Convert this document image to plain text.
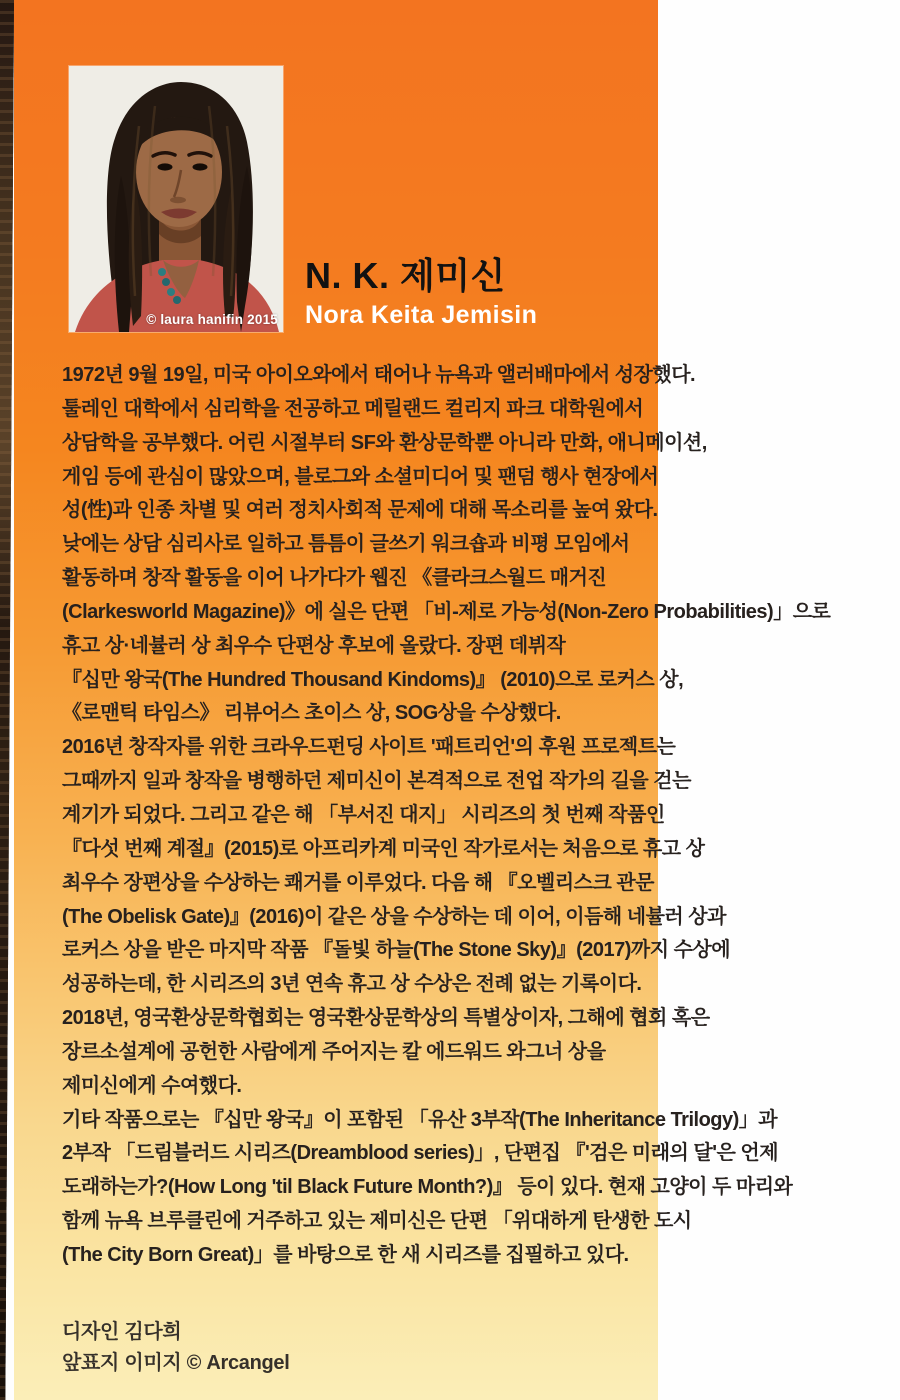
© laura hanifin 2015
N. K. 제미신
Nora Keita Jemisin
1972년 9월 19일, 미국 아이오와에서 태어나 뉴욕과 앨러배마에서 성장했다.
툴레인 대학에서 심리학을 전공하고 메릴랜드 컬리지 파크 대학원에서
상담학을 공부했다. 어린 시절부터 SF와 환상문학뿐 아니라 만화, 애니메이션,
게임 등에 관심이 많았으며, 블로그와 소셜미디어 및 팬덤 행사 현장에서
성(性)과 인종 차별 및 여러 정치사회적 문제에 대해 목소리를 높여 왔다.
낮에는 상담 심리사로 일하고 틈틈이 글쓰기 워크숍과 비평 모임에서
활동하며 창작 활동을 이어 나가다가 웹진 《클라크스월드 매거진
(Clarkesworld Magazine)》에 실은 단편 「비-제로 가능성(Non-Zero Probabilities)」으로
휴고 상·네뷸러 상 최우수 단편상 후보에 올랐다. 장편 데뷔작
『십만 왕국(The Hundred Thousand Kindoms)』 (2010)으로 로커스 상,
《로맨틱 타임스》 리뷰어스 초이스 상, SOG상을 수상했다.
2016년 창작자를 위한 크라우드펀딩 사이트 '패트리언'의 후원 프로젝트는
그때까지 일과 창작을 병행하던 제미신이 본격적으로 전업 작가의 길을 걷는
계기가 되었다. 그리고 같은 해 「부서진 대지」 시리즈의 첫 번째 작품인
『다섯 번째 계절』(2015)로 아프리카계 미국인 작가로서는 처음으로 휴고 상
최우수 장편상을 수상하는 쾌거를 이루었다. 다음 해 『오벨리스크 관문
(The Obelisk Gate)』(2016)이 같은 상을 수상하는 데 이어, 이듬해 네뷸러 상과
로커스 상을 받은 마지막 작품 『돌빛 하늘(The Stone Sky)』(2017)까지 수상에
성공하는데, 한 시리즈의 3년 연속 휴고 상 수상은 전례 없는 기록이다.
2018년, 영국환상문학협회는 영국환상문학상의 특별상이자, 그해에 협회 혹은
장르소설계에 공헌한 사람에게 주어지는 칼 에드워드 와그너 상을
제미신에게 수여했다.
기타 작품으로는 『십만 왕국』이 포함된 「유산 3부작(The Inheritance Trilogy)」과
2부작 「드림블러드 시리즈(Dreamblood series)」, 단편집 『'검은 미래의 달'은 언제
도래하는가?(How Long 'til Black Future Month?)』 등이 있다. 현재 고양이 두 마리와
함께 뉴욕 브루클린에 거주하고 있는 제미신은 단편 「위대하게 탄생한 도시
(The City Born Great)」를 바탕으로 한 새 시리즈를 집필하고 있다.
디자인 김다희
앞표지 이미지 © Arcangel
